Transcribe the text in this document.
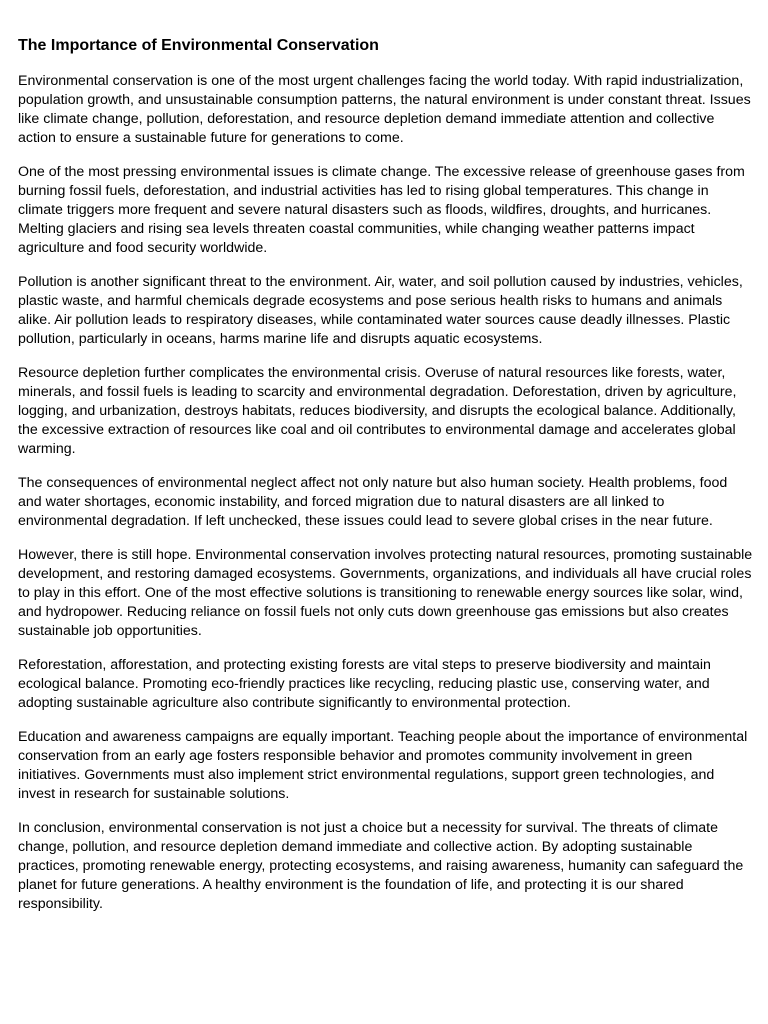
The Importance of Environmental Conservation

Environmental conservation is one of the most urgent challenges facing the world today. With rapid industrialization, population growth, and unsustainable consumption patterns, the natural environment is under constant threat. Issues like climate change, pollution, deforestation, and resource depletion demand immediate attention and collective action to ensure a sustainable future for generations to come.

One of the most pressing environmental issues is climate change. The excessive release of greenhouse gases from burning fossil fuels, deforestation, and industrial activities has led to rising global temperatures. This change in climate triggers more frequent and severe natural disasters such as floods, wildfires, droughts, and hurricanes. Melting glaciers and rising sea levels threaten coastal communities, while changing weather patterns impact agriculture and food security worldwide.

Pollution is another significant threat to the environment. Air, water, and soil pollution caused by industries, vehicles, plastic waste, and harmful chemicals degrade ecosystems and pose serious health risks to humans and animals alike. Air pollution leads to respiratory diseases, while contaminated water sources cause deadly illnesses. Plastic pollution, particularly in oceans, harms marine life and disrupts aquatic ecosystems.

Resource depletion further complicates the environmental crisis. Overuse of natural resources like forests, water, minerals, and fossil fuels is leading to scarcity and environmental degradation. Deforestation, driven by agriculture, logging, and urbanization, destroys habitats, reduces biodiversity, and disrupts the ecological balance. Additionally, the excessive extraction of resources like coal and oil contributes to environmental damage and accelerates global warming.

The consequences of environmental neglect affect not only nature but also human society. Health problems, food and water shortages, economic instability, and forced migration due to natural disasters are all linked to environmental degradation. If left unchecked, these issues could lead to severe global crises in the near future.

However, there is still hope. Environmental conservation involves protecting natural resources, promoting sustainable development, and restoring damaged ecosystems. Governments, organizations, and individuals all have crucial roles to play in this effort. One of the most effective solutions is transitioning to renewable energy sources like solar, wind, and hydropower. Reducing reliance on fossil fuels not only cuts down greenhouse gas emissions but also creates sustainable job opportunities.

Reforestation, afforestation, and protecting existing forests are vital steps to preserve biodiversity and maintain ecological balance. Promoting eco-friendly practices like recycling, reducing plastic use, conserving water, and adopting sustainable agriculture also contribute significantly to environmental protection.

Education and awareness campaigns are equally important. Teaching people about the importance of environmental conservation from an early age fosters responsible behavior and promotes community involvement in green initiatives. Governments must also implement strict environmental regulations, support green technologies, and invest in research for sustainable solutions.

In conclusion, environmental conservation is not just a choice but a necessity for survival. The threats of climate change, pollution, and resource depletion demand immediate and collective action. By adopting sustainable practices, promoting renewable energy, protecting ecosystems, and raising awareness, humanity can safeguard the planet for future generations. A healthy environment is the foundation of life, and protecting it is our shared responsibility.
